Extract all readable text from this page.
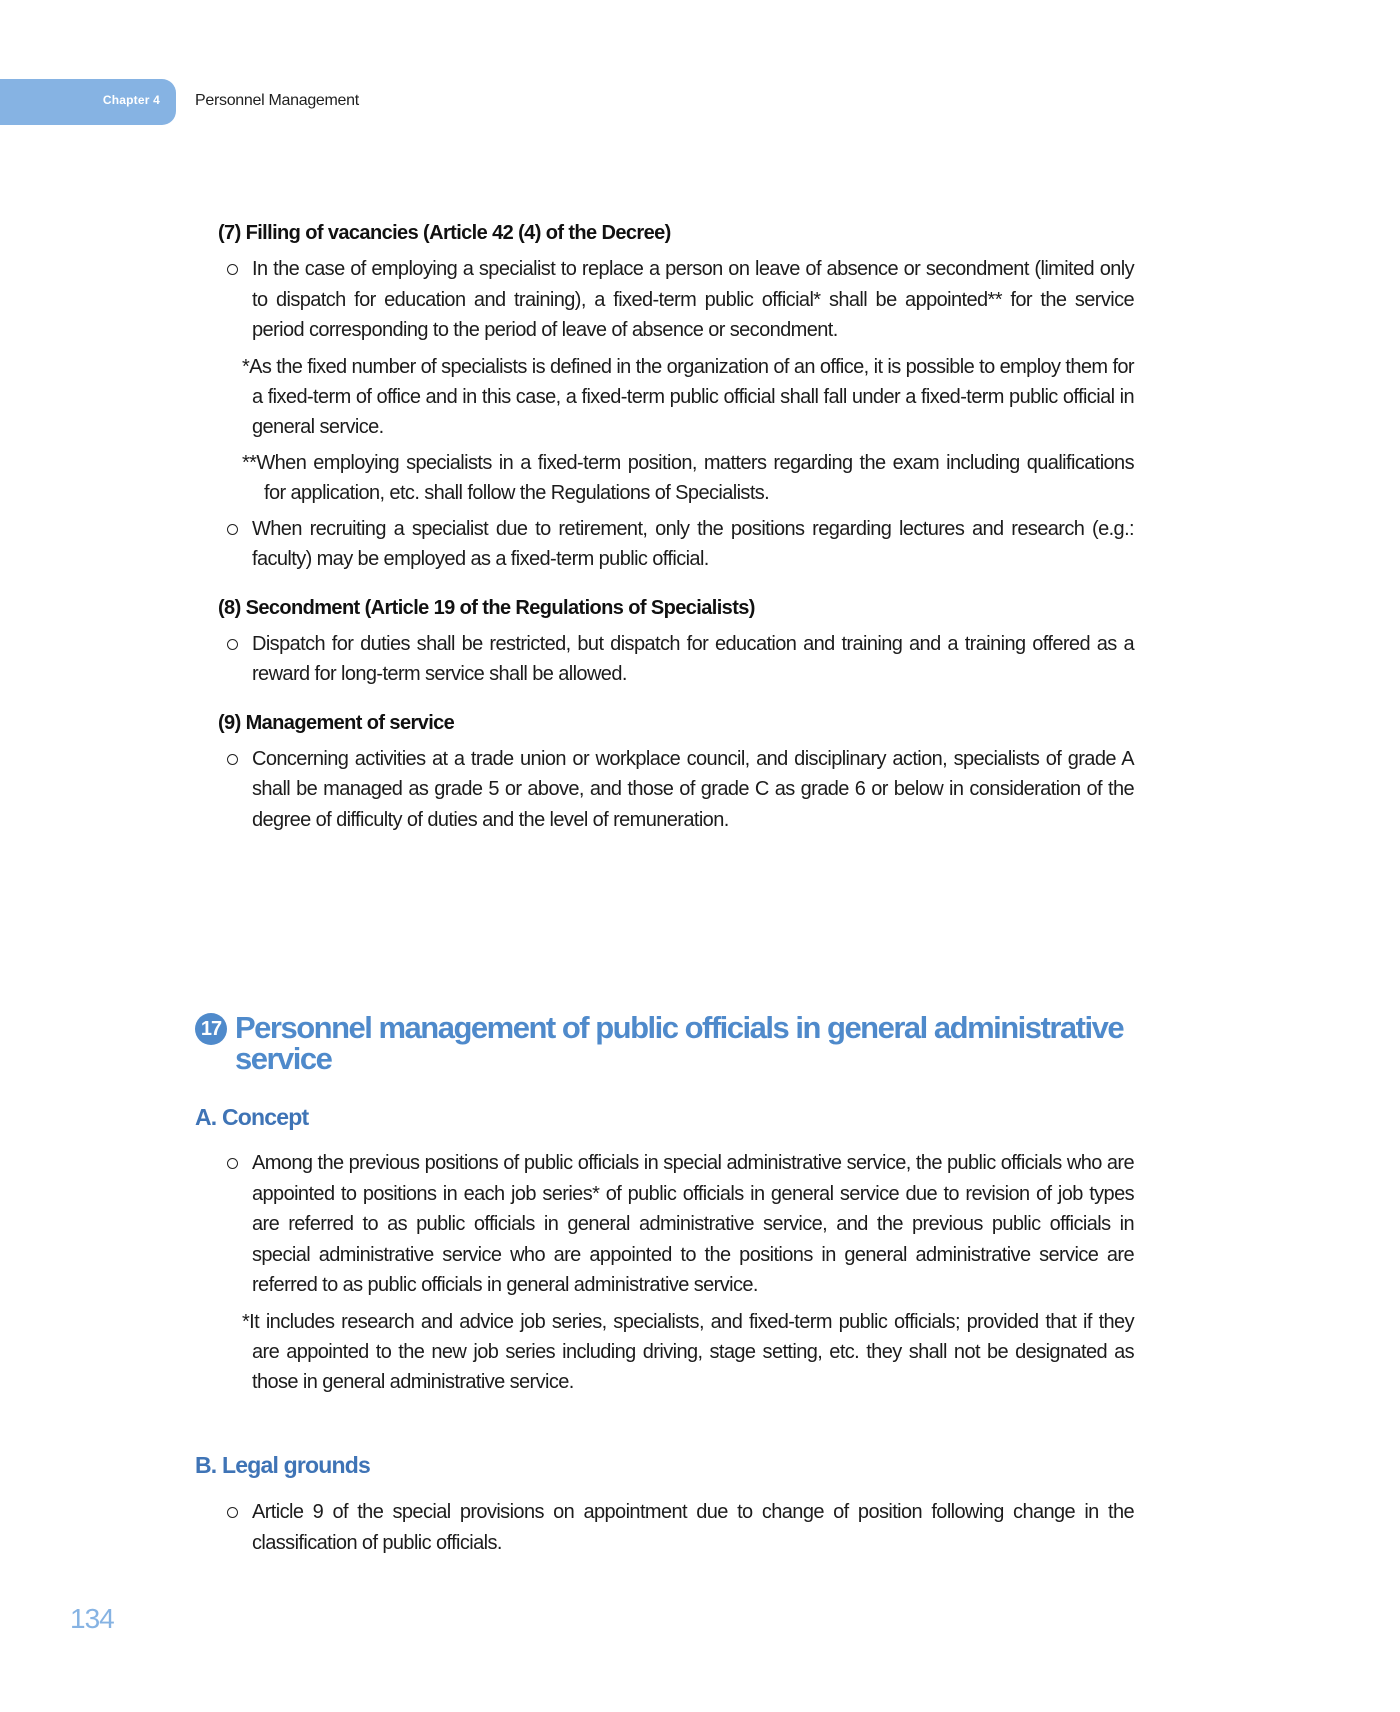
Chapter 4 Personnel Management
(7) Filling of vacancies (Article 42 (4) of the Decree)
In the case of employing a specialist to replace a person on leave of absence or secondment (limited only to dispatch for education and training), a fixed-term public official* shall be appointed** for the service period corresponding to the period of leave of absence or secondment.
*As the fixed number of specialists is defined in the organization of an office, it is possible to employ them for a fixed-term of office and in this case, a fixed-term public official shall fall under a fixed-term public official in general service.
**When employing specialists in a fixed-term position, matters regarding the exam including qualifications for application, etc. shall follow the Regulations of Specialists.
When recruiting a specialist due to retirement, only the positions regarding lectures and research (e.g.: faculty) may be employed as a fixed-term public official.
(8) Secondment (Article 19 of the Regulations of Specialists)
Dispatch for duties shall be restricted, but dispatch for education and training and a training offered as a reward for long-term service shall be allowed.
(9) Management of service
Concerning activities at a trade union or workplace council, and disciplinary action, specialists of grade A shall be managed as grade 5 or above, and those of grade C as grade 6 or below in consideration of the degree of difficulty of duties and the level of remuneration.
17 Personnel management of public officials in general administrative service
A. Concept
Among the previous positions of public officials in special administrative service, the public officials who are appointed to positions in each job series* of public officials in general service due to revision of job types are referred to as public officials in general administrative service, and the previous public officials in special administrative service who are appointed to the positions in general administrative service are referred to as public officials in general administrative service.
*It includes research and advice job series, specialists, and fixed-term public officials; provided that if they are appointed to the new job series including driving, stage setting, etc. they shall not be designated as those in general administrative service.
B. Legal grounds
Article 9 of the special provisions on appointment due to change of position following change in the classification of public officials.
134
